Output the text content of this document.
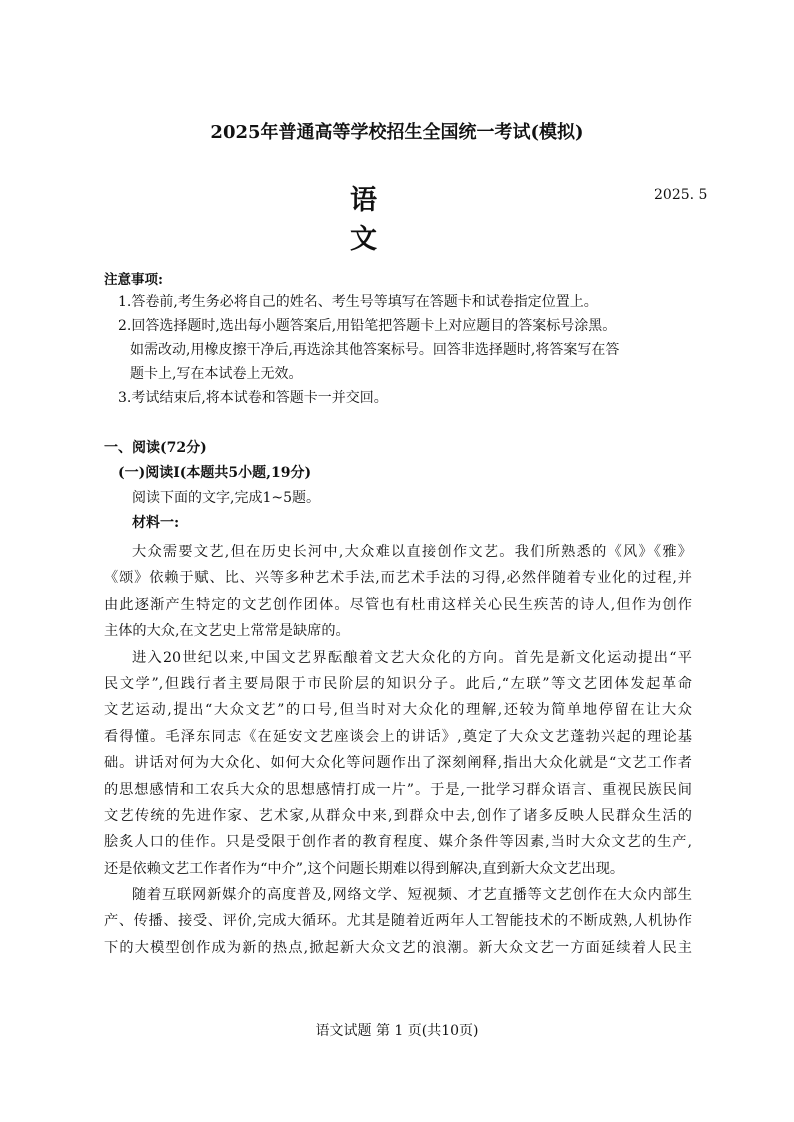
2025年普通高等学校招生全国统一考试(模拟)
语文
2025. 5
注意事项:
1.答卷前,考生务必将自己的姓名、考生号等填写在答题卡和试卷指定位置上。
2.回答选择题时,选出每小题答案后,用铅笔把答题卡上对应题目的答案标号涂黑。
如需改动,用橡皮擦干净后,再选涂其他答案标号。回答非选择题时,将答案写在答
题卡上,写在本试卷上无效。
3.考试结束后,将本试卷和答题卡一并交回。
一、阅读(72分)
(一)阅读Ⅰ(本题共5小题,19分)
阅读下面的文字,完成1~5题。
材料一:
大众需要文艺,但在历史长河中,大众难以直接创作文艺。我们所熟悉的《风》《雅》
《颂》依赖于赋、比、兴等多种艺术手法,而艺术手法的习得,必然伴随着专业化的过程,并
由此逐渐产生特定的文艺创作团体。尽管也有杜甫这样关心民生疾苦的诗人,但作为创作
主体的大众,在文艺史上常常是缺席的。
进入20世纪以来,中国文艺界酝酿着文艺大众化的方向。首先是新文化运动提出“平
民文学”,但践行者主要局限于市民阶层的知识分子。此后,“左联”等文艺团体发起革命
文艺运动,提出“大众文艺”的口号,但当时对大众化的理解,还较为简单地停留在让大众
看得懂。毛泽东同志《在延安文艺座谈会上的讲话》,奠定了大众文艺蓬勃兴起的理论基
础。讲话对何为大众化、如何大众化等问题作出了深刻阐释,指出大众化就是“文艺工作者
的思想感情和工农兵大众的思想感情打成一片”。于是,一批学习群众语言、重视民族民间
文艺传统的先进作家、艺术家,从群众中来,到群众中去,创作了诸多反映人民群众生活的
脍炙人口的佳作。只是受限于创作者的教育程度、媒介条件等因素,当时大众文艺的生产,
还是依赖文艺工作者作为“中介”,这个问题长期难以得到解决,直到新大众文艺出现。
随着互联网新媒介的高度普及,网络文学、短视频、才艺直播等文艺创作在大众内部生
产、传播、接受、评价,完成大循环。尤其是随着近两年人工智能技术的不断成熟,人机协作
下的大模型创作成为新的热点,掀起新大众文艺的浪潮。新大众文艺一方面延续着人民主
语文试题 第 1 页(共10页)
